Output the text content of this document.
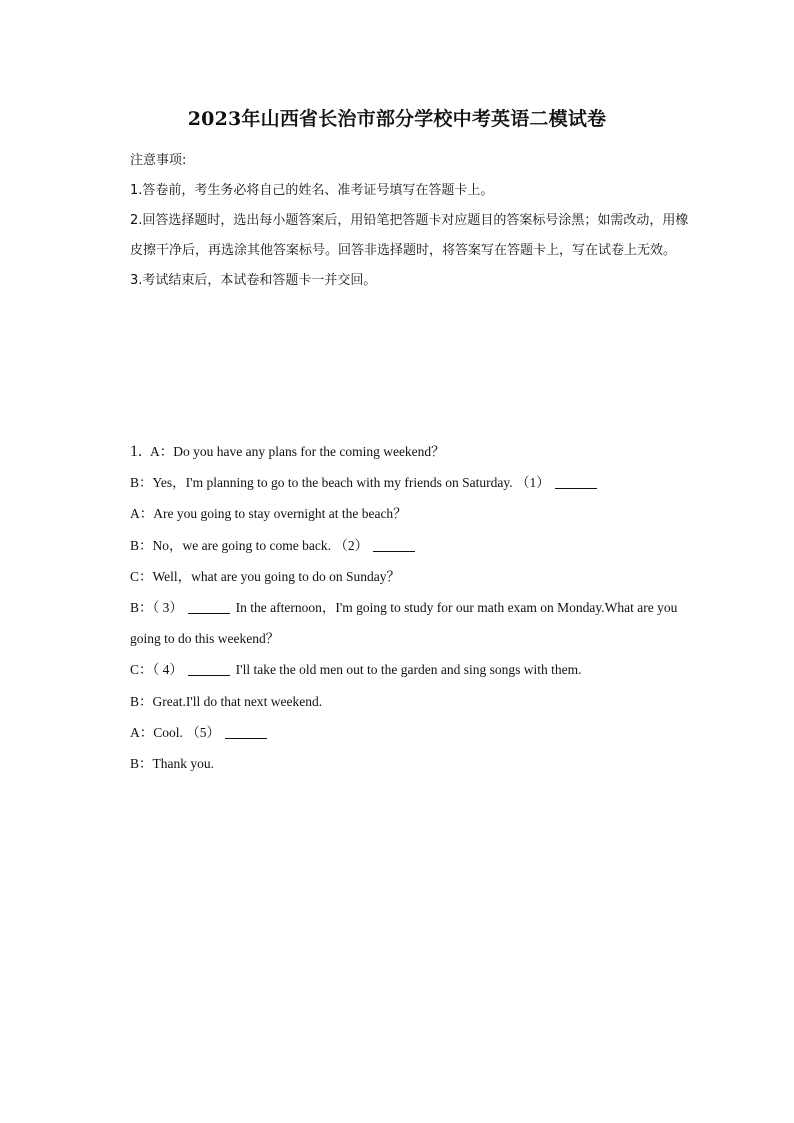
2023年山西省长治市部分学校中考英语二模试卷

注意事项:

1.答卷前，考生务必将自己的姓名、准考证号填写在答题卡上。

2.回答选择题时，选出每小题答案后，用铅笔把答题卡对应题目的答案标号涂黑；如需改动，用橡皮擦干净后，再选涂其他答案标号。回答非选择题时，将答案写在答题卡上，写在试卷上无效。

3.考试结束后，本试卷和答题卡一并交回。

1. A：Do you have any plans for the coming weekend？

B：Yes，I'm planning to go to the beach with my friends on Saturday. （1）

A：Are you going to stay overnight at the beach？

B：No，we are going to come back. （2）

C：Well，what are you going to do on Sunday？

B：（ 3）	In the afternoon，I'm going to study for our math exam on Monday.What are you going to do this weekend？

C：（ 4）	I'll take the old men out to the garden and sing songs with them.

B：Great.I'll do that next weekend.

A：Cool. （5）

B：Thank you.
